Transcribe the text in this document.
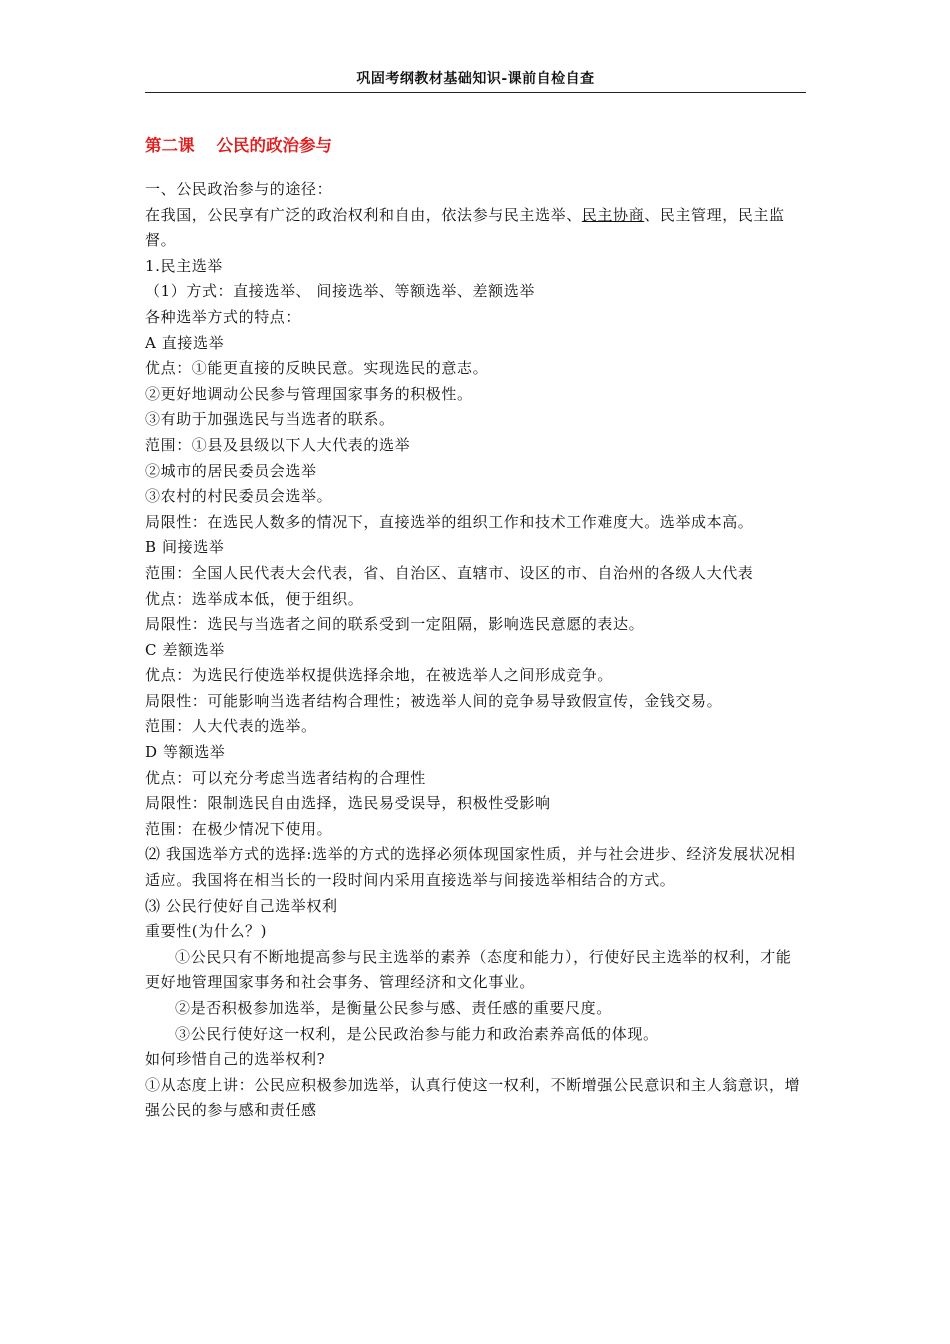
巩固考纲教材基础知识-课前自检自查
第二课 公民的政治参与

一、公民政治参与的途径：

在我国，公民享有广泛的政治权利和自由，依法参与民主选举、民主协商、民主管理，民主监督。

1.民主选举

（1）方式：直接选举、 间接选举、等额选举、差额选举

各种选举方式的特点：

A 直接选举

优点：①能更直接的反映民意。实现选民的意志。

②更好地调动公民参与管理国家事务的积极性。

③有助于加强选民与当选者的联系。

范围：①县及县级以下人大代表的选举

②城市的居民委员会选举

③农村的村民委员会选举。

局限性：在选民人数多的情况下，直接选举的组织工作和技术工作难度大。选举成本高。

B 间接选举

范围：全国人民代表大会代表，省、自治区、直辖市、设区的市、自治州的各级人大代表

优点：选举成本低，便于组织。

局限性：选民与当选者之间的联系受到一定阻隔，影响选民意愿的表达。

C 差额选举

优点：为选民行使选举权提供选择余地，在被选举人之间形成竞争。

局限性：可能影响当选者结构合理性；被选举人间的竞争易导致假宣传，金钱交易。

范围：人大代表的选举。

D 等额选举

优点：可以充分考虑当选者结构的合理性

局限性：限制选民自由选择，选民易受误导，积极性受影响

范围：在极少情况下使用。

⑵ 我国选举方式的选择:选举的方式的选择必须体现国家性质，并与社会进步、经济发展状况相适应。我国将在相当长的一段时间内采用直接选举与间接选举相结合的方式。

⑶ 公民行使好自己选举权利

重要性(为什么？)

①公民只有不断地提高参与民主选举的素养（态度和能力），行使好民主选举的权利，才能更好地管理国家事务和社会事务、管理经济和文化事业。

②是否积极参加选举，是衡量公民参与感、责任感的重要尺度。

③公民行使好这一权利，是公民政治参与能力和政治素养高低的体现。

如何珍惜自己的选举权利?

①从态度上讲：公民应积极参加选举，认真行使这一权利，不断增强公民意识和主人翁意识，增强公民的参与感和责任感
